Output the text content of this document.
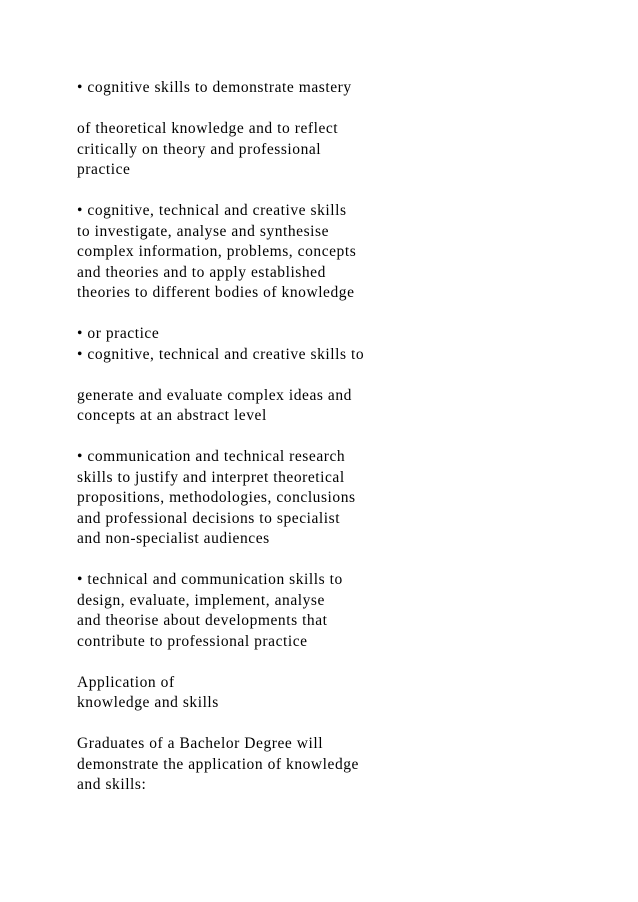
• cognitive skills to demonstrate mastery
of theoretical knowledge and to reflect
critically on theory and professional
practice
• cognitive, technical and creative skills
to investigate, analyse and synthesise
complex information, problems, concepts
and theories and to apply established
theories to different bodies of knowledge
• or practice
• cognitive, technical and creative skills to
generate and evaluate complex ideas and
concepts at an abstract level
• communication and technical research
skills to justify and interpret theoretical
propositions, methodologies, conclusions
and professional decisions to specialist
and non-specialist audiences
• technical and communication skills to
design, evaluate, implement, analyse
and theorise about developments that
contribute to professional practice
Application of
knowledge and skills
Graduates of a Bachelor Degree will
demonstrate the application of knowledge
and skills:
